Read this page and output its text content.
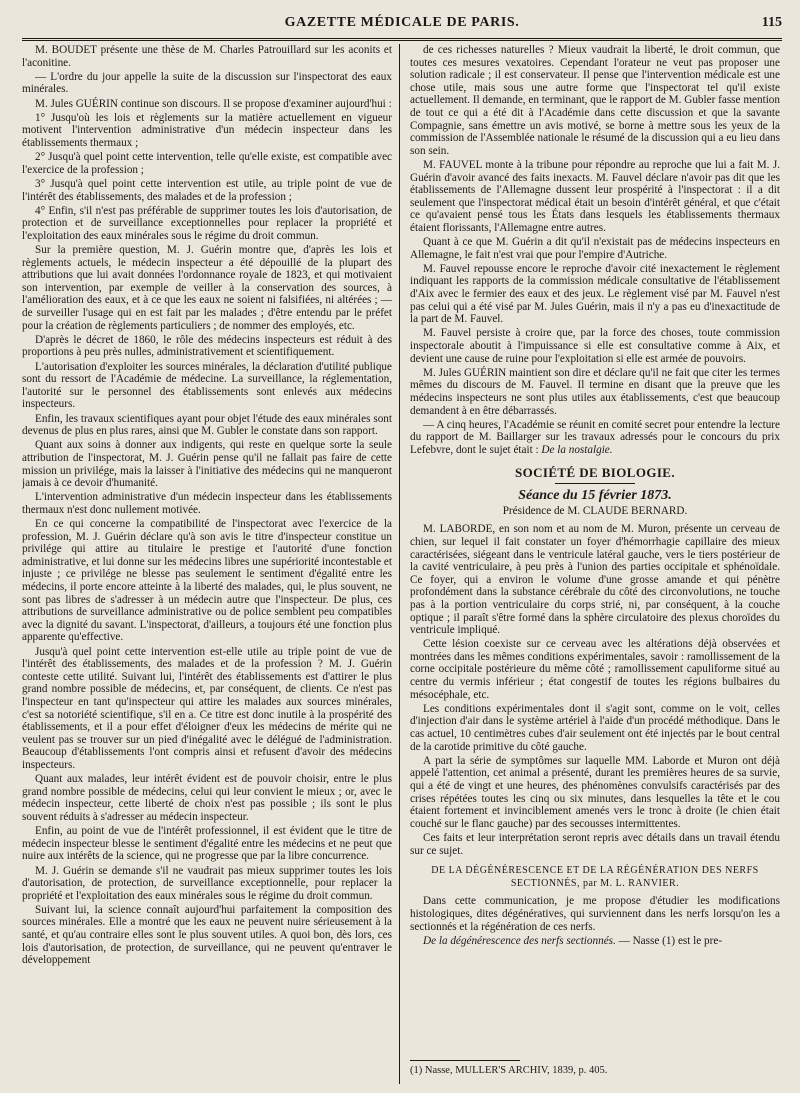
GAZETTE MÉDICALE DE PARIS.	115

M. BOUDET présente une thèse de M. Charles Patrouillard sur les aconits et l'aconitine.

— L'ordre du jour appelle la suite de la discussion sur l'inspectorat des eaux minérales.

M. Jules GUÉRIN continue son discours. Il se propose d'examiner aujourd'hui :

1° Jusqu'où les lois et règlements sur la matière actuellement en vigueur motivent l'intervention administrative d'un médecin inspecteur dans les établissements thermaux ;

2° Jusqu'à quel point cette intervention, telle qu'elle existe, est compatible avec l'exercice de la profession ;

3° Jusqu'à quel point cette intervention est utile, au triple point de vue de l'intérêt des établissements, des malades et de la profession ;

4° Enfin, s'il n'est pas préférable de supprimer toutes les lois d'autorisation, de protection et de surveillance exceptionnelles pour replacer la propriété et l'exploitation des eaux minérales sous le régime du droit commun.

Sur la première question, M. J. Guérin montre que, d'après les lois et règlements actuels, le médecin inspecteur a été dépouillé de la plupart des attributions que lui avait données l'ordonnance royale de 1823, et qui motivaient son intervention, par exemple de veiller à la conservation des sources, à l'amélioration des eaux, et à ce que les eaux ne soient ni falsifiées, ni altérées ; — de surveiller l'usage qui en est fait par les malades ; d'être entendu par le préfet pour la création de règlements particuliers ; de nommer des employés, etc.

D'après le décret de 1860, le rôle des médecins inspecteurs est réduit à des proportions à peu près nulles, administrativement et scientifiquement.

L'autorisation d'exploiter les sources minérales, la déclaration d'utilité publique sont du ressort de l'Académie de médecine. La surveillance, la réglementation, l'autorité sur le personnel des établissements sont enlevés aux médecins inspecteurs.

Enfin, les travaux scientifiques ayant pour objet l'étude des eaux minérales sont devenus de plus en plus rares, ainsi que M. Gubler le constate dans son rapport.

Quant aux soins à donner aux indigents, qui reste en quelque sorte la seule attribution de l'inspectorat, M. J. Guérin pense qu'il ne fallait pas faire de cette mission un privilége, mais la laisser à l'initiative des médecins qui ne manqueront jamais à ce devoir d'humanité.

L'intervention administrative d'un médecin inspecteur dans les établissements thermaux n'est donc nullement motivée.

En ce qui concerne la compatibilité de l'inspectorat avec l'exercice de la profession, M. J. Guérin déclare qu'à son avis le titre d'inspecteur constitue un privilége qui attire au titulaire le prestige et l'autorité d'une fonction administrative, et lui donne sur les médecins libres une supériorité incontestable et injuste ; ce privilége ne blesse pas seulement le sentiment d'égalité entre les médecins, il porte encore atteinte à la liberté des malades, qui, le plus souvent, ne sont pas libres de s'adresser à un médecin autre que l'inspecteur. De plus, ces attributions de surveillance administrative ou de police semblent peu compatibles avec la dignité du savant. L'inspectorat, d'ailleurs, a toujours été une fonction plus apparente qu'effective.

Jusqu'à quel point cette intervention est-elle utile au triple point de vue de l'intérêt des établissements, des malades et de la profession ? M. J. Guérin conteste cette utilité. Suivant lui, l'intérêt des établissements est d'attirer le plus grand nombre possible de médecins, et, par conséquent, de clients. Ce n'est pas l'inspecteur en tant qu'inspecteur qui attire les malades aux sources minérales, c'est sa notoriété scientifique, s'il en a. Ce titre est donc inutile à la prospérité des établissements, et il a pour effet d'éloigner d'eux les médecins de mérite qui ne veulent pas se trouver sur un pied d'inégalité avec le délégué de l'administration. Beaucoup d'établissements l'ont compris ainsi et refusent d'avoir des médecins inspecteurs.

Quant aux malades, leur intérêt évident est de pouvoir choisir, entre le plus grand nombre possible de médecins, celui qui leur convient le mieux ; or, avec le médecin inspecteur, cette liberté de choix n'est pas possible ; ils sont le plus souvent réduits à s'adresser au médecin inspecteur.

Enfin, au point de vue de l'intérêt professionnel, il est évident que le titre de médecin inspecteur blesse le sentiment d'égalité entre les médecins et ne peut que nuire aux intérêts de la science, qui ne progresse que par la libre concurrence.

M. J. Guérin se demande s'il ne vaudrait pas mieux supprimer toutes les lois d'autorisation, de protection, de surveillance exceptionnelle, pour replacer la propriété et l'exploitation des eaux minérales sous le régime du droit commun.

Suivant lui, la science connaît aujourd'hui parfaitement la composition des sources minérales. Elle a montré que les eaux ne peuvent nuire sérieusement à la santé, et qu'au contraire elles sont le plus souvent utiles. A quoi bon, dès lors, ces lois d'autorisation, de protection, de surveillance, qui ne peuvent qu'entraver le développement

de ces richesses naturelles ? Mieux vaudrait la liberté, le droit commun, que toutes ces mesures vexatoires. Cependant l'orateur ne veut pas proposer une solution radicale ; il est conservateur. Il pense que l'intervention médicale est une chose utile, mais sous une autre forme que l'inspectorat tel qu'il existe actuellement. Il demande, en terminant, que le rapport de M. Gubler fasse mention de tout ce qui a été dit à l'Académie dans cette discussion et que la savante Compagnie, sans émettre un avis motivé, se borne à mettre sous les yeux de la commission de l'Assemblée nationale le résumé de la discussion qui a eu lieu dans son sein.

M. FAUVEL monte à la tribune pour répondre au reproche que lui a fait M. J. Guérin d'avoir avancé des faits inexacts. M. Fauvel déclare n'avoir pas dit que les établissements de l'Allemagne dussent leur prospérité à l'inspectorat : il a dit seulement que l'inspectorat médical était un besoin d'intérêt général, et que c'était ce qu'avaient pensé tous les États dans lesquels les établissements thermaux étaient florissants, l'Allemagne entre autres.

Quant à ce que M. Guérin a dit qu'il n'existait pas de médecins inspecteurs en Allemagne, le fait n'est vrai que pour l'empire d'Autriche.

M. Fauvel repousse encore le reproche d'avoir cité inexactement le règlement indiquant les rapports de la commission médicale consultative de l'établissement d'Aix avec le fermier des eaux et des jeux. Le règlement visé par M. Fauvel n'est pas celui qui a été visé par M. Jules Guérin, mais il n'y a pas eu d'inexactitude de la part de M. Fauvel.

M. Fauvel persiste à croire que, par la force des choses, toute commission inspectorale aboutit à l'impuissance si elle est consultative comme à Aix, et devient une cause de ruine pour l'exploitation si elle est armée de pouvoirs.

M. Jules GUÉRIN maintient son dire et déclare qu'il ne fait que citer les termes mêmes du discours de M. Fauvel. Il termine en disant que la preuve que les médecins inspecteurs ne sont plus utiles aux établissements, c'est que beaucoup demandent à en être débarrassés.

— A cinq heures, l'Académie se réunit en comité secret pour entendre la lecture du rapport de M. Baillarger sur les travaux adressés pour le concours du prix Lefebvre, dont le sujet était : De la nostalgie.

SOCIÉTÉ DE BIOLOGIE.
Séance du 15 février 1873.
Présidence de M. CLAUDE BERNARD.

M. LABORDE, en son nom et au nom de M. Muron, présente un cerveau de chien, sur lequel il fait constater un foyer d'hémorrhagie capillaire des mieux caractérisées, siégeant dans le ventricule latéral gauche, vers le tiers postérieur de la cavité ventriculaire, à peu près à l'union des parties occipitale et sphénoïdale. Ce foyer, qui a environ le volume d'une grosse amande et qui pénètre profondément dans la substance cérébrale du côté des circonvolutions, ne touche pas à la portion ventriculaire du corps strié, ni, par conséquent, à la couche optique ; il paraît s'être formé dans la sphère circulatoire des plexus choroïdes du ventricule impliqué.

Cette lésion coexiste sur ce cerveau avec les altérations déjà observées et montrées dans les mêmes conditions expérimentales, savoir : ramollissement de la corne occipitale postérieure du même côté ; ramollissement capuliforme situé au centre du vermis inférieur ; état congestif de toutes les régions bulbaires du mésocéphale, etc.

Les conditions expérimentales dont il s'agit sont, comme on le voit, celles d'injection d'air dans le système artériel à l'aide d'un procédé méthodique. Dans le cas actuel, 10 centimètres cubes d'air seulement ont été injectés par le bout central de la carotide primitive du côté gauche.

A part la série de symptômes sur laquelle MM. Laborde et Muron ont déjà appelé l'attention, cet animal a présenté, durant les premières heures de sa survie, qui a été de vingt et une heures, des phénomènes convulsifs caractérisés par des crises répétées toutes les cinq ou six minutes, dans lesquelles la tête et le cou étaient fortement et invinciblement amenés vers le tronc à droite (le chien était couché sur le flanc gauche) par des secousses intermittentes.

Ces faits et leur interprétation seront repris avec détails dans un travail étendu sur ce sujet.

DE LA DÉGÉNÉRESCENCE ET DE LA RÉGÉNÉRATION DES NERFS SECTIONNÉS, par M. L. RANVIER.

Dans cette communication, je me propose d'étudier les modifications histologiques, dites dégénératives, qui surviennent dans les nerfs lorsqu'on les a sectionnés et la régénération de ces nerfs.

De la dégénérescence des nerfs sectionnés. — Nasse (1) est le pre-

(1) Nasse, MULLER'S ARCHIV, 1839, p. 405.
